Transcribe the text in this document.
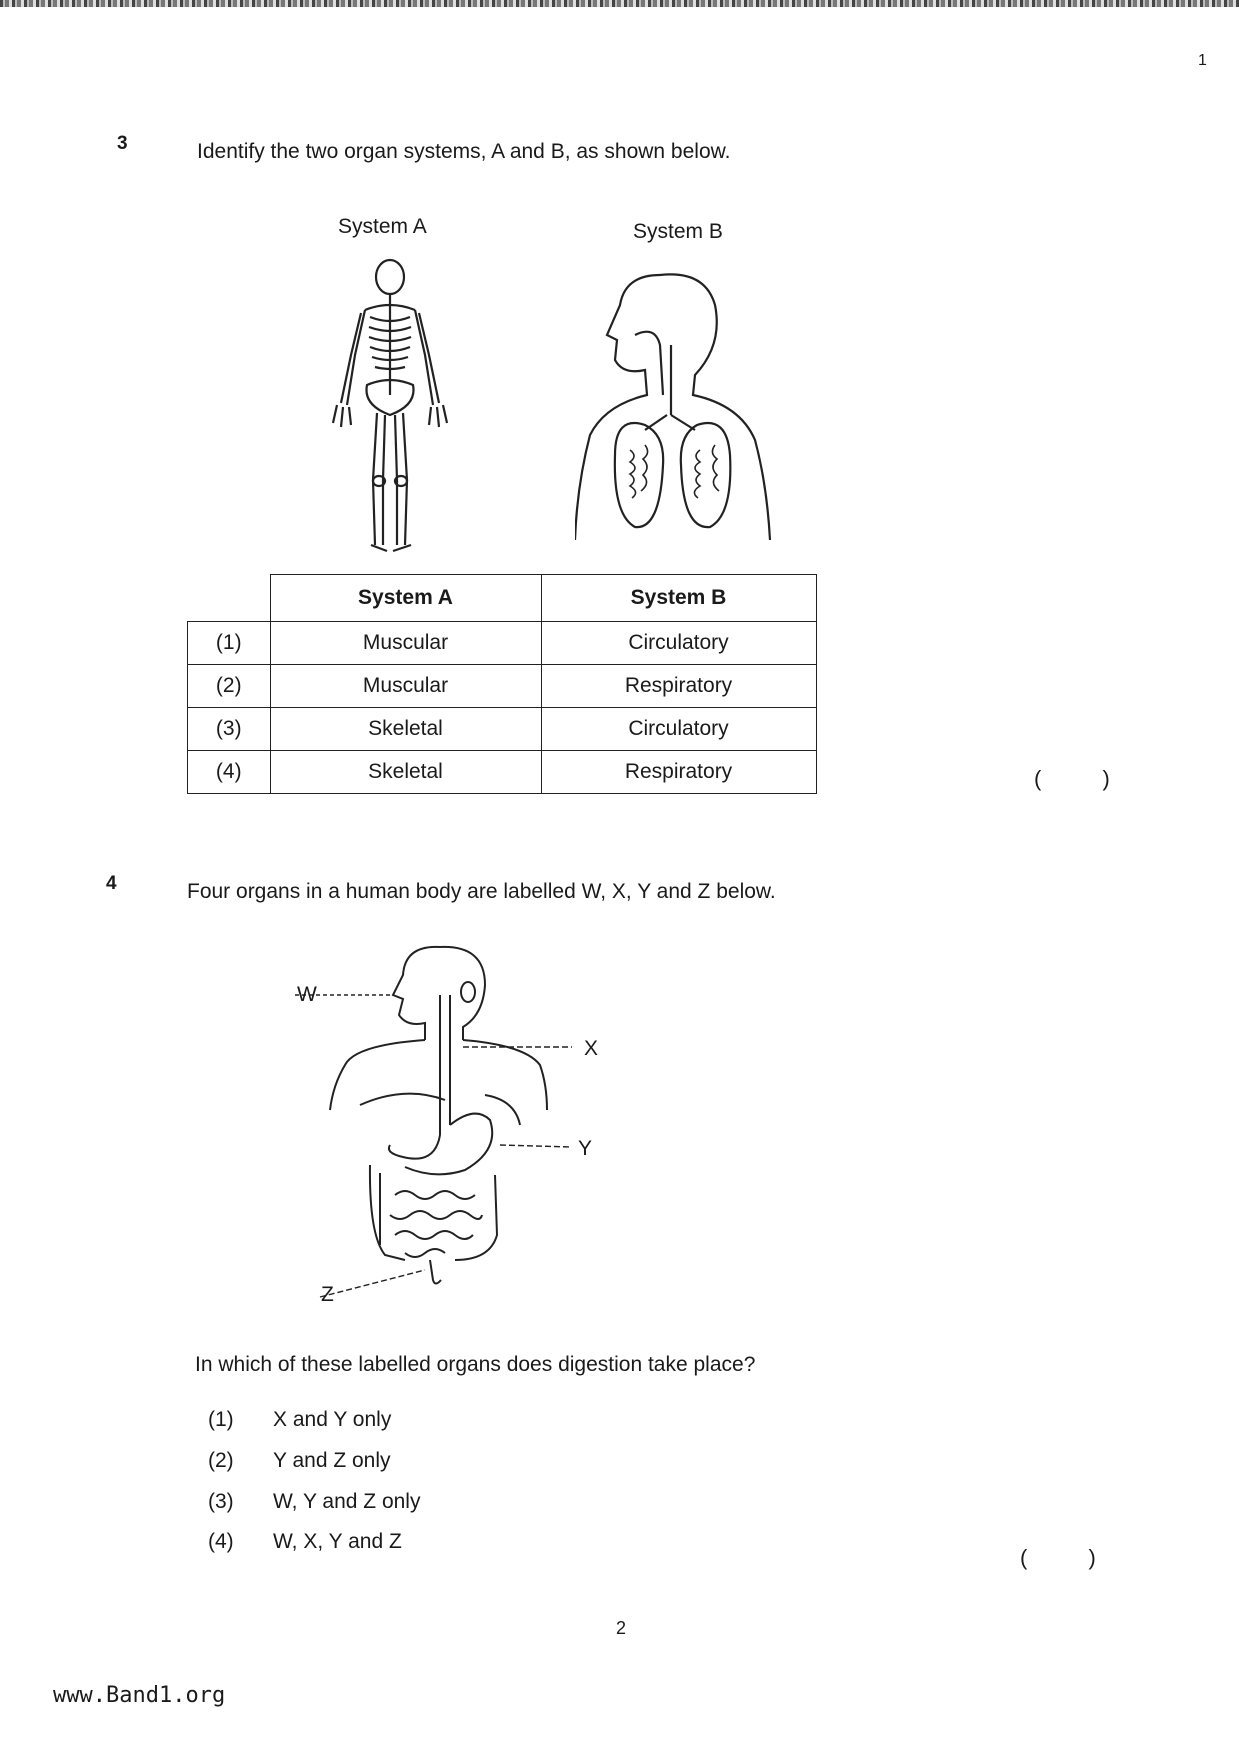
1
3	Identify the two organ systems, A and B, as shown below.
System A	System B
	System A	System B
(1)	Muscular	Circulatory
(2)	Muscular	Respiratory
(3)	Skeletal	Circulatory
(4)	Skeletal	Respiratory	(          )
4	Four organs in a human body are labelled W, X, Y and Z below.
W
X
Y
Z
In which of these labelled organs does digestion take place?
(1) X and Y only
(2) Y and Z only
(3) W, Y and Z only
(4) W, X, Y and Z
(          )
2
www.Band1.org
